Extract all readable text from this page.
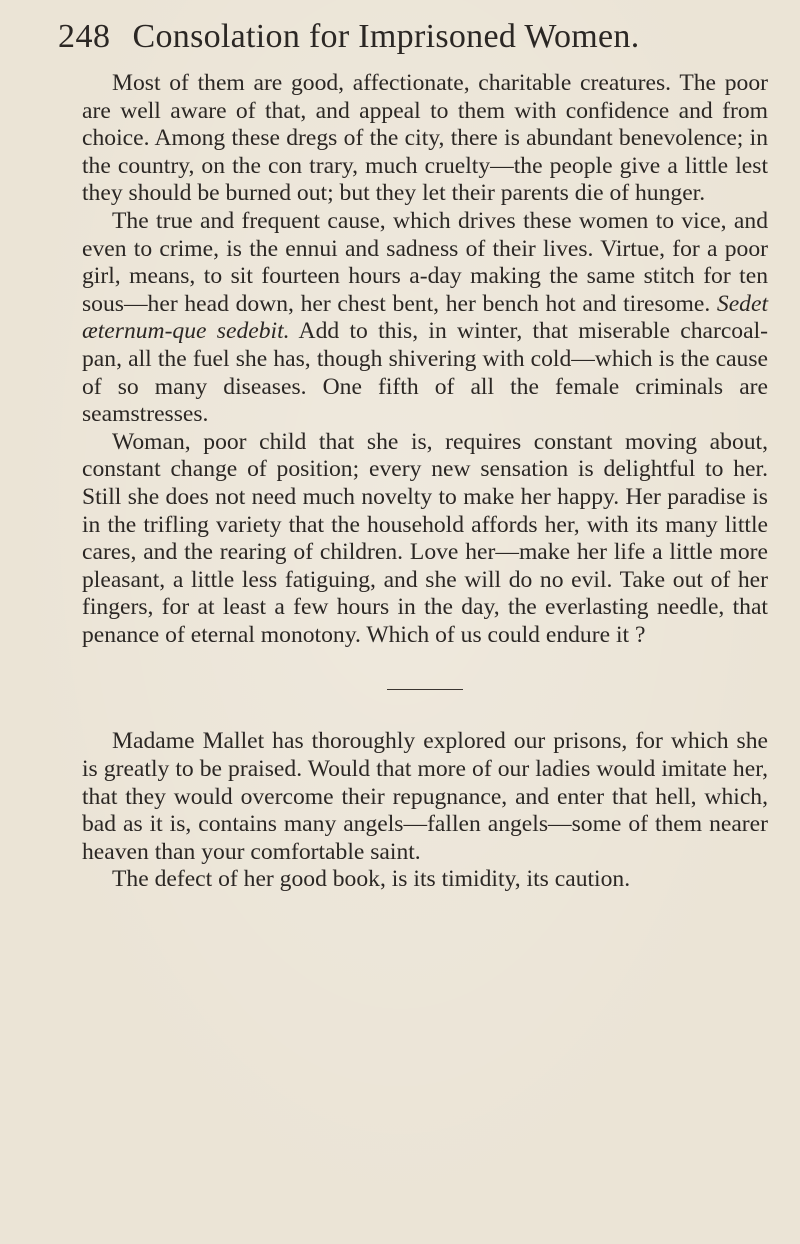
248 Consolation for Imprisoned Women.

Most of them are good, affectionate, charitable creatures. The poor are well aware of that, and appeal to them with confidence and from choice. Among these dregs of the city, there is abundant benevolence; in the country, on the con trary, much cruelty—the people give a little lest they should be burned out; but they let their parents die of hunger.

The true and frequent cause, which drives these women to vice, and even to crime, is the ennui and sadness of their lives. Virtue, for a poor girl, means, to sit fourteen hours a-day making the same stitch for ten sous—her head down, her chest bent, her bench hot and tiresome. Sedet æternum-que sedebit. Add to this, in winter, that miserable charcoal-pan, all the fuel she has, though shivering with cold—which is the cause of so many diseases. One fifth of all the female criminals are seamstresses.

Woman, poor child that she is, requires constant moving about, constant change of position; every new sensation is delightful to her. Still she does not need much novelty to make her happy. Her paradise is in the trifling variety that the household affords her, with its many little cares, and the rearing of children. Love her—make her life a little more pleasant, a little less fatiguing, and she will do no evil. Take out of her fingers, for at least a few hours in the day, the everlasting needle, that penance of eternal monotony. Which of us could endure it ?

Madame Mallet has thoroughly explored our prisons, for which she is greatly to be praised. Would that more of our ladies would imitate her, that they would overcome their repugnance, and enter that hell, which, bad as it is, contains many angels—fallen angels—some of them nearer heaven than your comfortable saint.

The defect of her good book, is its timidity, its caution.
